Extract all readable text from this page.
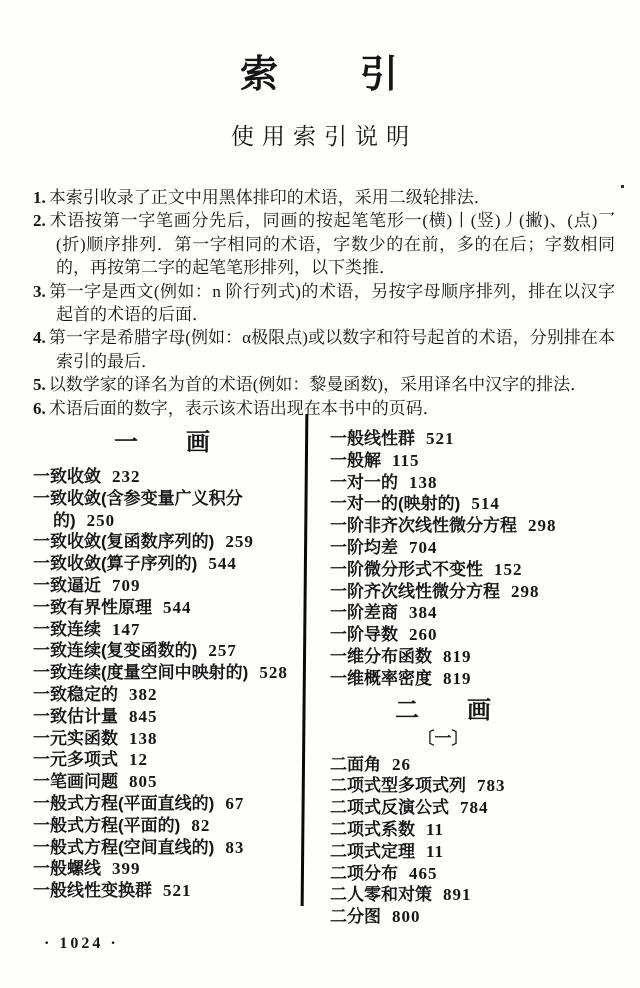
索　　引
使用索引说明
1. 本索引收录了正文中用黑体排印的术语，采用二级轮排法．
2. 术语按第一字笔画分先后，同画的按起笔笔形一(横)丨(竖)丿(撇)、(点)乛(折)顺序排列．第一字相同的术语，字数少的在前，多的在后；字数相同的，再按第二字的起笔笔形排列，以下类推．
3. 第一字是西文(例如：n 阶行列式)的术语，另按字母顺序排列，排在以汉字起首的术语的后面．
4. 第一字是希腊字母(例如：α极限点)或以数字和符号起首的术语，分别排在本索引的最后．
5. 以数学家的译名为首的术语(例如：黎曼函数)，采用译名中汉字的排法．
6. 术语后面的数字，表示该术语出现在本书中的页码．
一　　画
一致收敛 232
一致收敛(含参变量广义积分的) 250
一致收敛(复函数序列的) 259
一致收敛(算子序列的) 544
一致逼近 709
一致有界性原理 544
一致连续 147
一致连续(复变函数的) 257
一致连续(度量空间中映射的) 528
一致稳定的 382
一致估计量 845
一元实函数 138
一元多项式 12
一笔画问题 805
一般式方程(平面直线的) 67
一般式方程(平面的) 82
一般式方程(空间直线的) 83
一般螺线 399
一般线性变换群 521
一般线性群 521
一般解 115
一对一的 138
一对一的(映射的) 514
一阶非齐次线性微分方程 298
一阶均差 704
一阶微分形式不变性 152
一阶齐次线性微分方程 298
一阶差商 384
一阶导数 260
一维分布函数 819
一维概率密度 819
二　　画
〔一〕
二面角 26
二项式型多项式列 783
二项式反演公式 784
二项式系数 11
二项式定理 11
二项分布 465
二人零和对策 891
二分图 800
· 1024 ·
